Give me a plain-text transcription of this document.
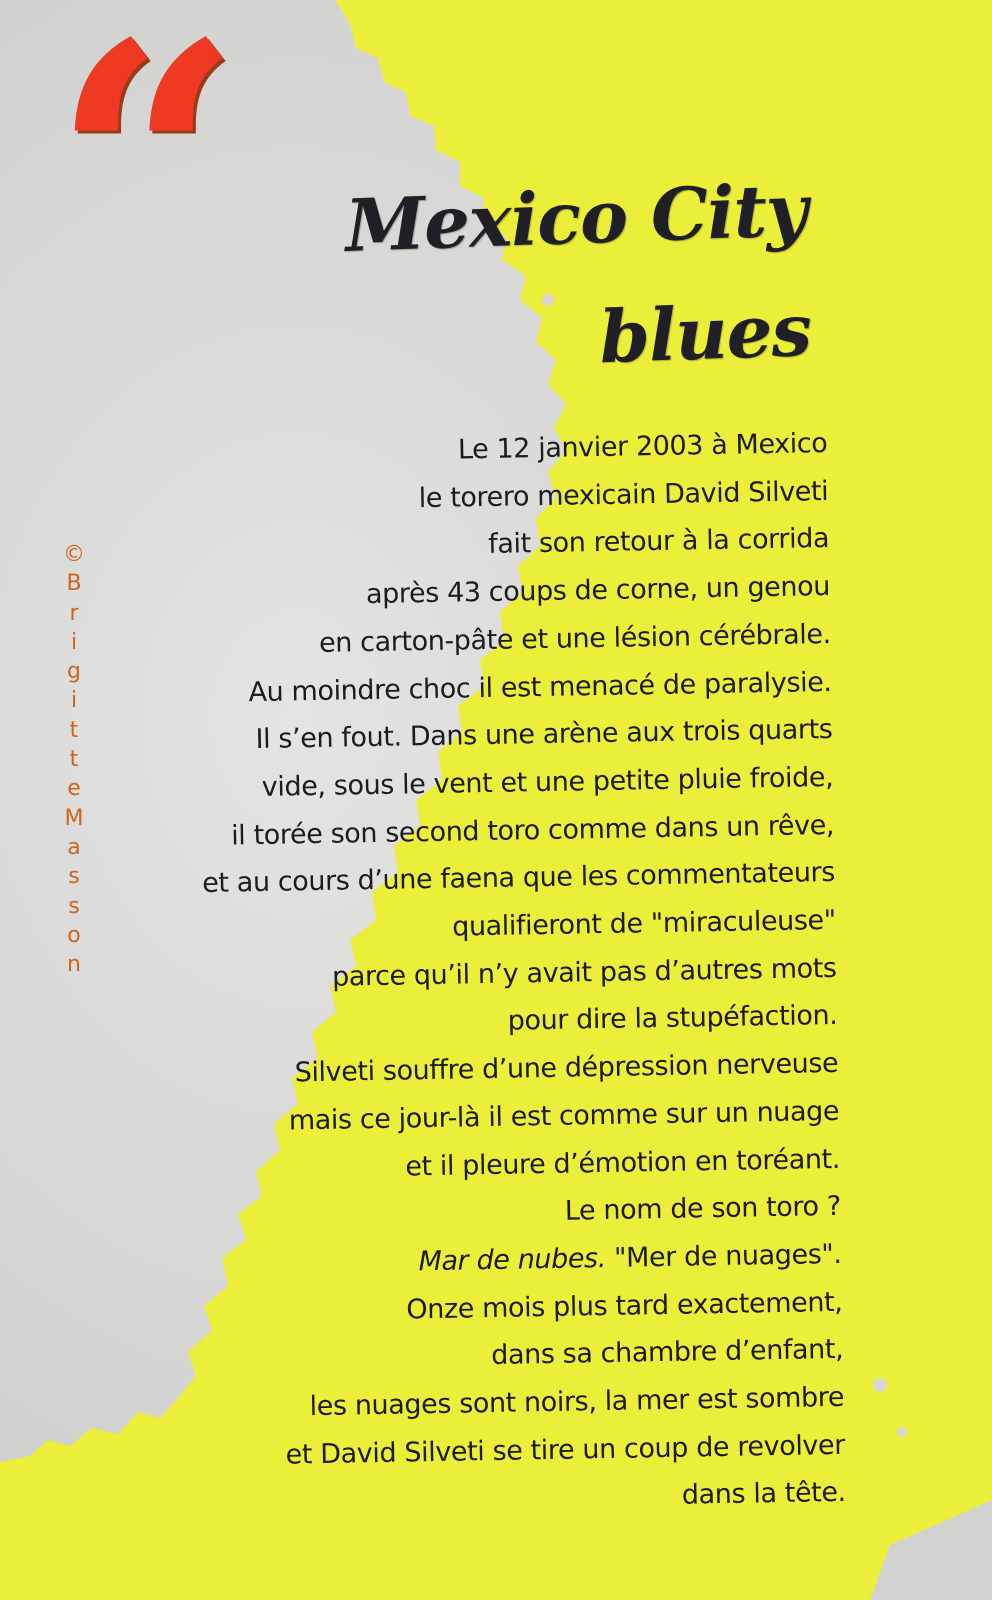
“ Mexico City
blues
Le 12 janvier 2003 à Mexico
le torero mexicain David Silveti
fait son retour à la corrida
après 43 coups de corne, un genou
en carton-pâte et une lésion cérébrale.
Au moindre choc il est menacé de paralysie.
Il s’en fout. Dans une arène aux trois quarts
vide, sous le vent et une petite pluie froide,
il torée son second toro comme dans un rêve,
et au cours d’une faena que les commentateurs
qualifieront de "miraculeuse"
parce qu’il n’y avait pas d’autres mots
pour dire la stupéfaction.
Silveti souffre d’une dépression nerveuse
mais ce jour-là il est comme sur un nuage
et il pleure d’émotion en toréant.
Le nom de son toro ?
Mar de nubes. "Mer de nuages".
Onze mois plus tard exactement,
dans sa chambre d’enfant,
les nuages sont noirs, la mer est sombre
et David Silveti se tire un coup de revolver
dans la tête.
©
B
r
i
g
i
t
t
e
M
a
s
s
o
n
